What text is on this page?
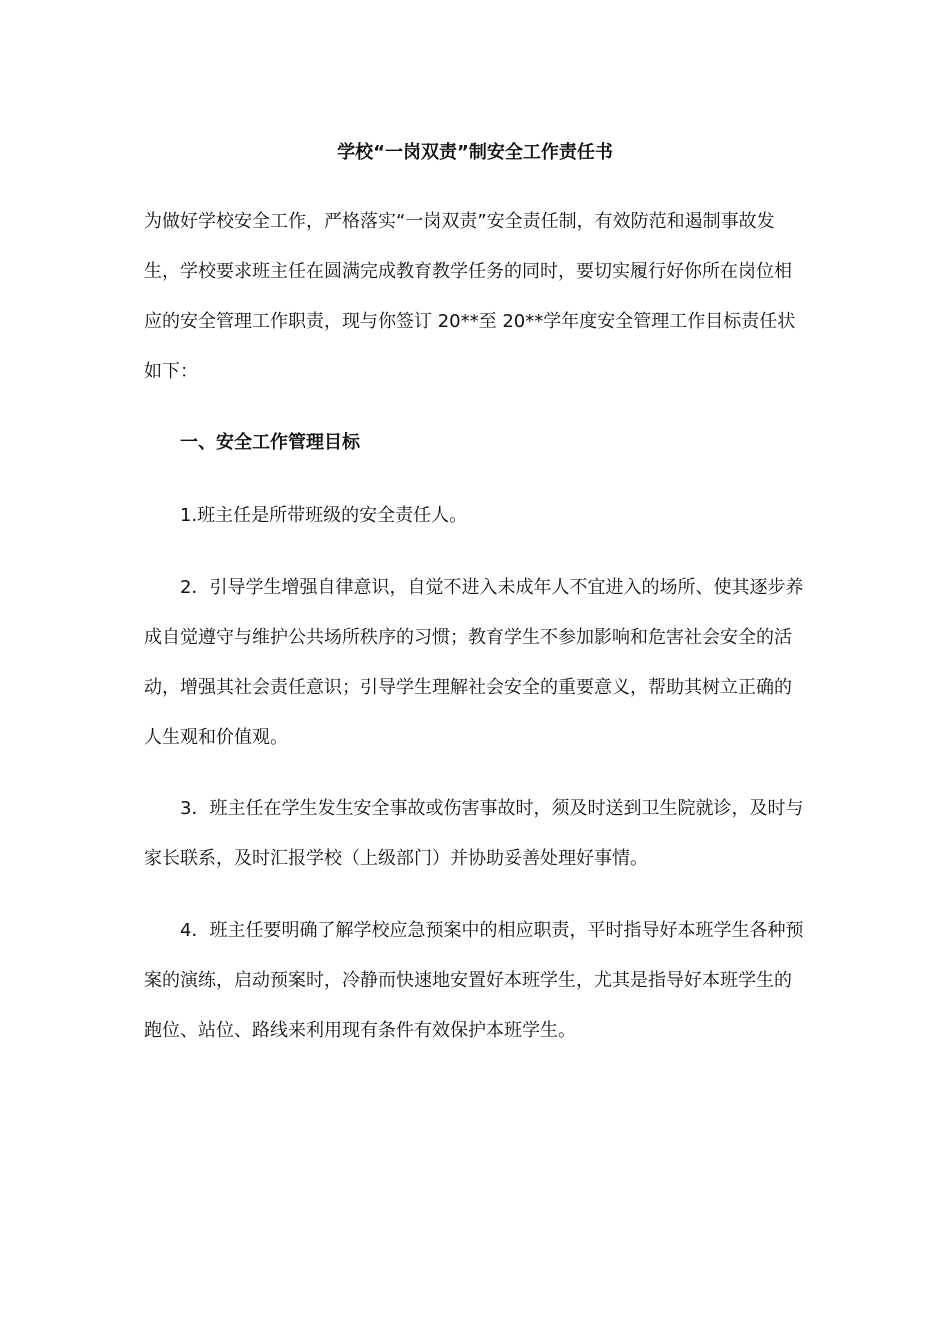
学校“一岗双责”制安全工作责任书

为做好学校安全工作，严格落实“一岗双责”安全责任制，有效防范和遏制事故发生，学校要求班主任在圆满完成教育教学任务的同时，要切实履行好你所在岗位相应的安全管理工作职责，现与你签订 20**至 20**学年度安全管理工作目标责任状如下：

一、安全工作管理目标

1.班主任是所带班级的安全责任人。

2．引导学生增强自律意识，自觉不进入未成年人不宜进入的场所、使其逐步养成自觉遵守与维护公共场所秩序的习惯；教育学生不参加影响和危害社会安全的活动，增强其社会责任意识；引导学生理解社会安全的重要意义，帮助其树立正确的人生观和价值观。

3．班主任在学生发生安全事故或伤害事故时，须及时送到卫生院就诊，及时与家长联系，及时汇报学校（上级部门）并协助妥善处理好事情。

4．班主任要明确了解学校应急预案中的相应职责，平时指导好本班学生各种预案的演练，启动预案时，冷静而快速地安置好本班学生，尤其是指导好本班学生的跑位、站位、路线来利用现有条件有效保护本班学生。
